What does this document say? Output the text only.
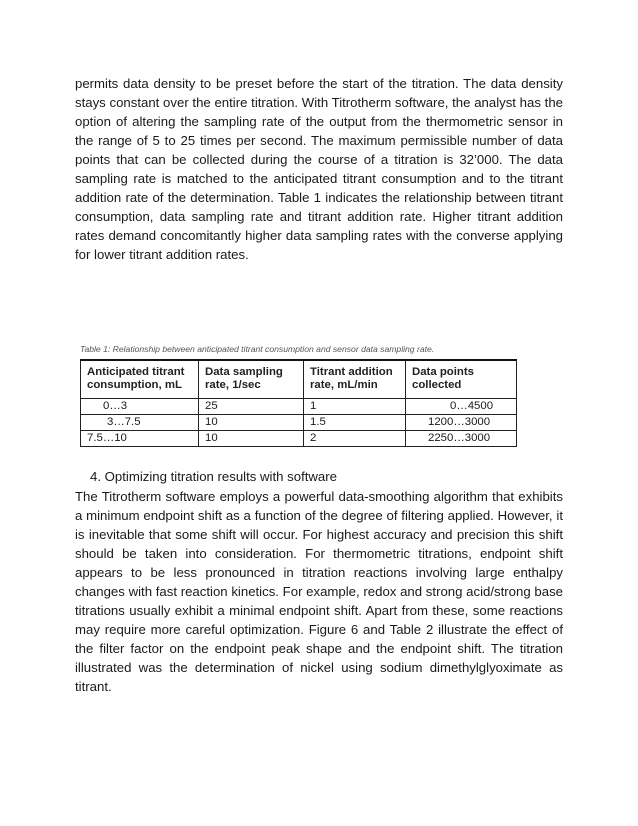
permits data density to be preset before the start of the titration. The data density stays constant over the entire titration. With Titrotherm software, the analyst has the option of altering the sampling rate of the output from the thermometric sensor in the range of 5 to 25 times per second. The maximum permissible number of data points that can be collected during the course of a titration is 32’000. The data sampling rate is matched to the anticipated titrant consumption and to the titrant addition rate of the determination. Table 1 indicates the relationship between titrant consumption, data sampling rate and titrant addition rate. Higher titrant addition rates demand concomitantly higher data sampling rates with the converse applying for lower titrant addition rates.

Table 1: Relationship between anticipated titrant consumption and sensor data sampling rate.
Anticipated titrant consumption, mL	Data sampling rate, 1/sec	Titrant addition rate, mL/min	Data points collected
0…3	25	1	0…4500
3…7.5	10	1.5	1200…3000
7.5…10	10	2	2250…3000
4. Optimizing titration results with software

The Titrotherm software employs a powerful data-smoothing algorithm that exhibits a minimum endpoint shift as a function of the degree of filtering applied. However, it is inevitable that some shift will occur. For highest accuracy and precision this shift should be taken into consideration. For thermometric titrations, endpoint shift appears to be less pronounced in titration reactions involving large enthalpy changes with fast reaction kinetics. For example, redox and strong acid/strong base titrations usually exhibit a minimal endpoint shift. Apart from these, some reactions may require more careful optimization. Figure 6 and Table 2 illustrate the effect of the filter factor on the endpoint peak shape and the endpoint shift. The titration illustrated was the determination of nickel using sodium dimethylglyoximate as titrant.
